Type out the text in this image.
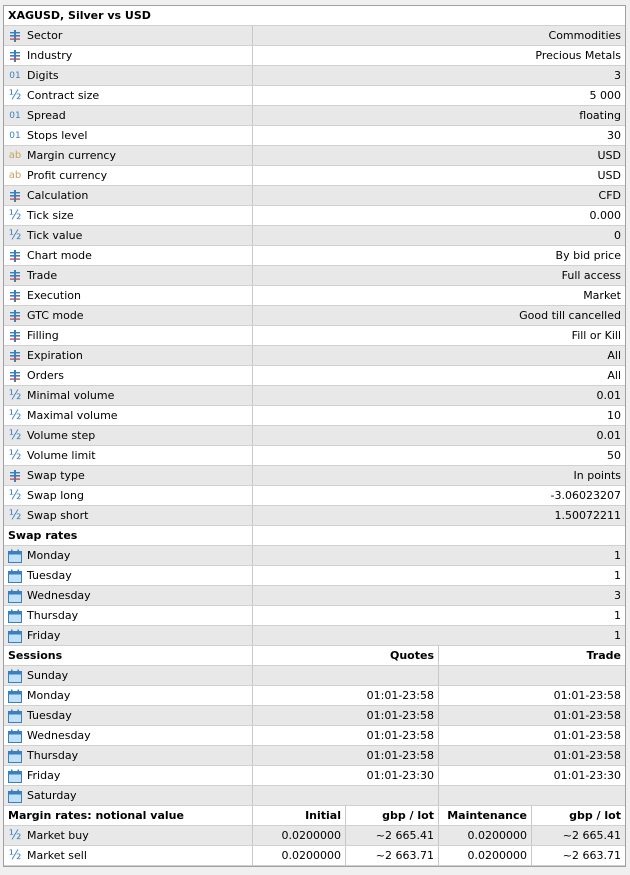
XAGUSD, Silver vs USD
Sector	Commodities
Industry	Precious Metals
01 Digits	3
½ Contract size	5 000
01 Spread	floating
01 Stops level	30
ab Margin currency	USD
ab Profit currency	USD
Calculation	CFD
½ Tick size	0.000
½ Tick value	0
Chart mode	By bid price
Trade	Full access
Execution	Market
GTC mode	Good till cancelled
Filling	Fill or Kill
Expiration	All
Orders	All
½ Minimal volume	0.01
½ Maximal volume	10
½ Volume step	0.01
½ Volume limit	50
Swap type	In points
½ Swap long	-3.06023207
½ Swap short	1.50072211
Swap rates
Monday	1
Tuesday	1
Wednesday	3
Thursday	1
Friday	1
Sessions	Quotes	Trade
Sunday
Monday	01:01-23:58	01:01-23:58
Tuesday	01:01-23:58	01:01-23:58
Wednesday	01:01-23:58	01:01-23:58
Thursday	01:01-23:58	01:01-23:58
Friday	01:01-23:30	01:01-23:30
Saturday
Margin rates: notional value	Initial	gbp / lot	Maintenance	gbp / lot
½ Market buy	0.0200000	~2 665.41	0.0200000	~2 665.41
½ Market sell	0.0200000	~2 663.71	0.0200000	~2 663.71
